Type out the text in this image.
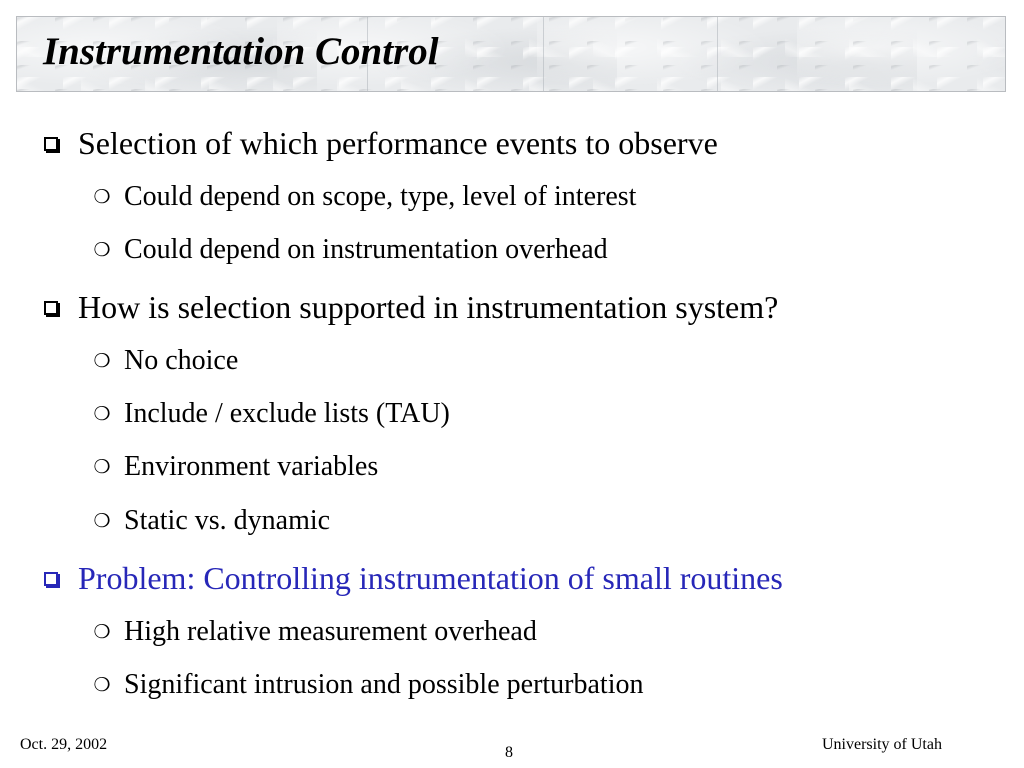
Instrumentation Control
Selection of which performance events to observe
❍ Could depend on scope, type, level of interest
❍ Could depend on instrumentation overhead
How is selection supported in instrumentation system?
❍ No choice
❍ Include / exclude lists (TAU)
❍ Environment variables
❍ Static vs. dynamic
Problem: Controlling instrumentation of small routines
❍ High relative measurement overhead
❍ Significant intrusion and possible perturbation
Oct. 29, 2002	8	University of Utah
